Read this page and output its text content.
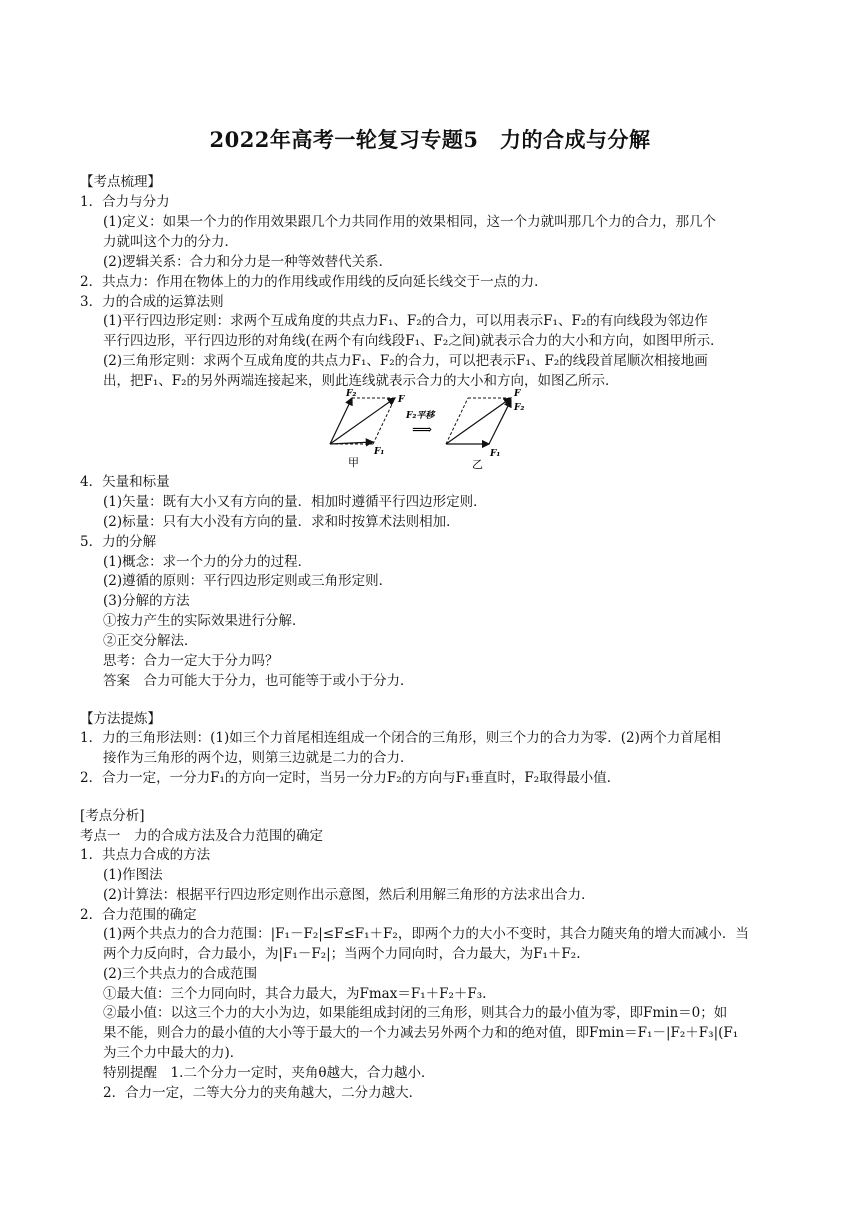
2022年高考一轮复习专题5　力的合成与分解
【考点梳理】
1．合力与分力
(1)定义：如果一个力的作用效果跟几个力共同作用的效果相同，这一个力就叫那几个力的合力，那几个
力就叫这个力的分力．
(2)逻辑关系：合力和分力是一种等效替代关系．
2．共点力：作用在物体上的力的作用线或作用线的反向延长线交于一点的力．
3．力的合成的运算法则
(1)平行四边形定则：求两个互成角度的共点力F₁、F₂的合力，可以用表示F₁、F₂的有向线段为邻边作
平行四边形，平行四边形的对角线(在两个有向线段F₁、F₂之间)就表示合力的大小和方向，如图甲所示．
(2)三角形定则：求两个互成角度的共点力F₁、F₂的合力，可以把表示F₁、F₂的线段首尾顺次相接地画
出，把F₁、F₂的另外两端连接起来，则此连线就表示合力的大小和方向，如图乙所示．
F₂
F
F₁
甲
F₂平移
⟹
F
F₂
F₁
乙
4．矢量和标量
(1)矢量：既有大小又有方向的量．相加时遵循平行四边形定则．
(2)标量：只有大小没有方向的量．求和时按算术法则相加．
5．力的分解
(1)概念：求一个力的分力的过程．
(2)遵循的原则：平行四边形定则或三角形定则．
(3)分解的方法
①按力产生的实际效果进行分解．
②正交分解法．
思考：合力一定大于分力吗？
答案　合力可能大于分力，也可能等于或小于分力．
【方法提炼】
1．力的三角形法则：(1)如三个力首尾相连组成一个闭合的三角形，则三个力的合力为零．(2)两个力首尾相
接作为三角形的两个边，则第三边就是二力的合力．
2．合力一定，一分力F₁的方向一定时，当另一分力F₂的方向与F₁垂直时，F₂取得最小值．
[考点分析]
考点一　力的合成方法及合力范围的确定
1．共点力合成的方法
(1)作图法
(2)计算法：根据平行四边形定则作出示意图，然后利用解三角形的方法求出合力．
2．合力范围的确定
(1)两个共点力的合力范围：|F₁－F₂|≤F≤F₁＋F₂，即两个力的大小不变时，其合力随夹角的增大而减小．当
两个力反向时，合力最小，为|F₁－F₂|；当两个力同向时，合力最大，为F₁＋F₂.
(2)三个共点力的合成范围
①最大值：三个力同向时，其合力最大，为Fmax＝F₁＋F₂＋F₃.
②最小值：以这三个力的大小为边，如果能组成封闭的三角形，则其合力的最小值为零，即Fmin＝0；如
果不能，则合力的最小值的大小等于最大的一个力减去另外两个力和的绝对值，即Fmin＝F₁－|F₂＋F₃|(F₁
为三个力中最大的力)．
特别提醒　1.二个分力一定时，夹角θ越大，合力越小．
2．合力一定，二等大分力的夹角越大，二分力越大．
